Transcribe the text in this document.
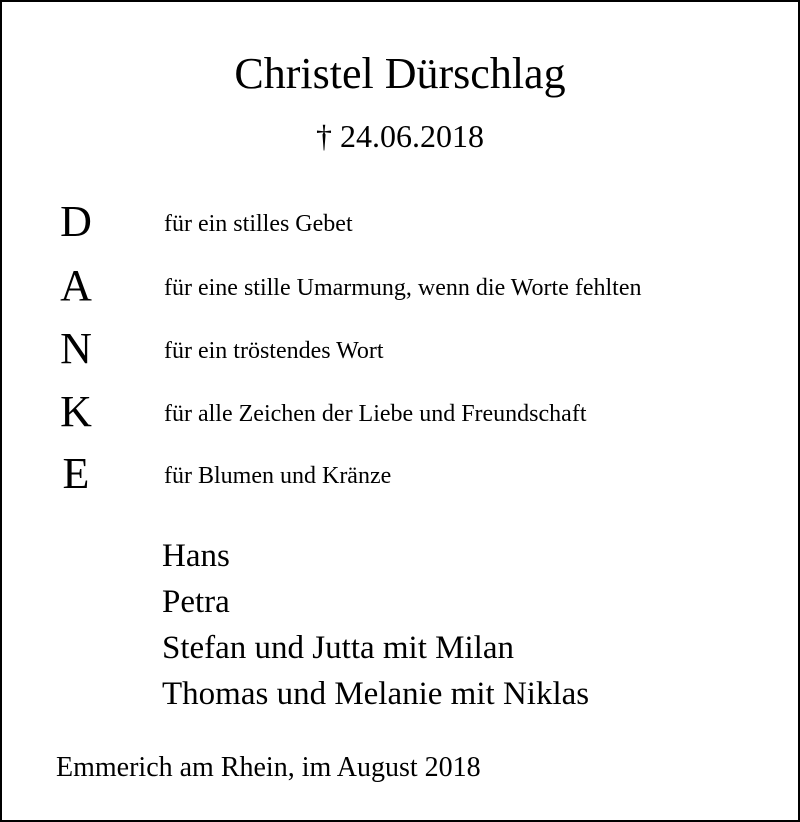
Christel Dürschlag
† 24.06.2018
D	für ein stilles Gebet
A	für eine stille Umarmung, wenn die Worte fehlten
N	für ein tröstendes Wort
K	für alle Zeichen der Liebe und Freundschaft
E	für Blumen und Kränze
Hans
Petra
Stefan und Jutta mit Milan
Thomas und Melanie mit Niklas
Emmerich am Rhein, im August 2018
